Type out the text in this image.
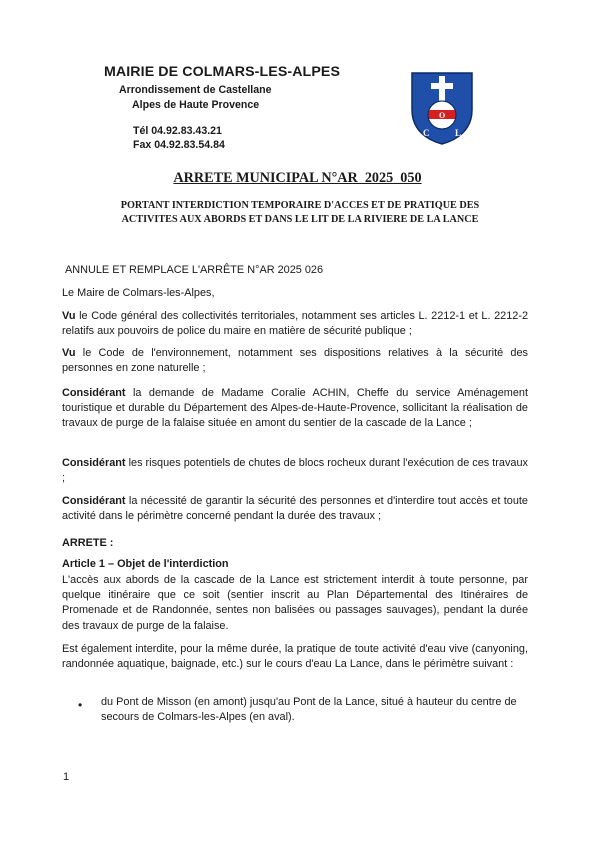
MAIRIE DE COLMARS-LES-ALPES
Arrondissement de Castellane
Alpes de Haute Provence
Tél 04.92.83.43.21
Fax 04.92.83.54.84
C
O
L
ARRETE MUNICIPAL N°AR_2025_050
PORTANT INTERDICTION TEMPORAIRE D'ACCES ET DE PRATIQUE DES
ACTIVITES AUX ABORDS ET DANS LE LIT DE LA RIVIERE DE LA LANCE
ANNULE ET REMPLACE L'ARRÊTE N°AR 2025 026
Le Maire de Colmars-les-Alpes,
Vu le Code général des collectivités territoriales, notamment ses articles L. 2212-1 et L. 2212-2 relatifs aux pouvoirs de police du maire en matière de sécurité publique ;
Vu le Code de l'environnement, notamment ses dispositions relatives à la sécurité des personnes en zone naturelle ;
Considérant la demande de Madame Coralie ACHIN, Cheffe du service Aménagement touristique et durable du Département des Alpes-de-Haute-Provence, sollicitant la réalisation de travaux de purge de la falaise située en amont du sentier de la cascade de la Lance ;
Considérant les risques potentiels de chutes de blocs rocheux durant l'exécution de ces travaux ;
Considérant la nécessité de garantir la sécurité des personnes et d'interdire tout accès et toute activité dans le périmètre concerné pendant la durée des travaux ;
ARRETE :
Article 1 – Objet de l'interdiction
L'accès aux abords de la cascade de la Lance est strictement interdit à toute personne, par quelque itinéraire que ce soit (sentier inscrit au Plan Départemental des Itinéraires de Promenade et de Randonnée, sentes non balisées ou passages sauvages), pendant la durée des travaux de purge de la falaise.
Est également interdite, pour la même durée, la pratique de toute activité d'eau vive (canyoning, randonnée aquatique, baignade, etc.) sur le cours d'eau La Lance, dans le périmètre suivant :
• du Pont de Misson (en amont) jusqu'au Pont de la Lance, situé à hauteur du centre de secours de Colmars-les-Alpes (en aval).
1
